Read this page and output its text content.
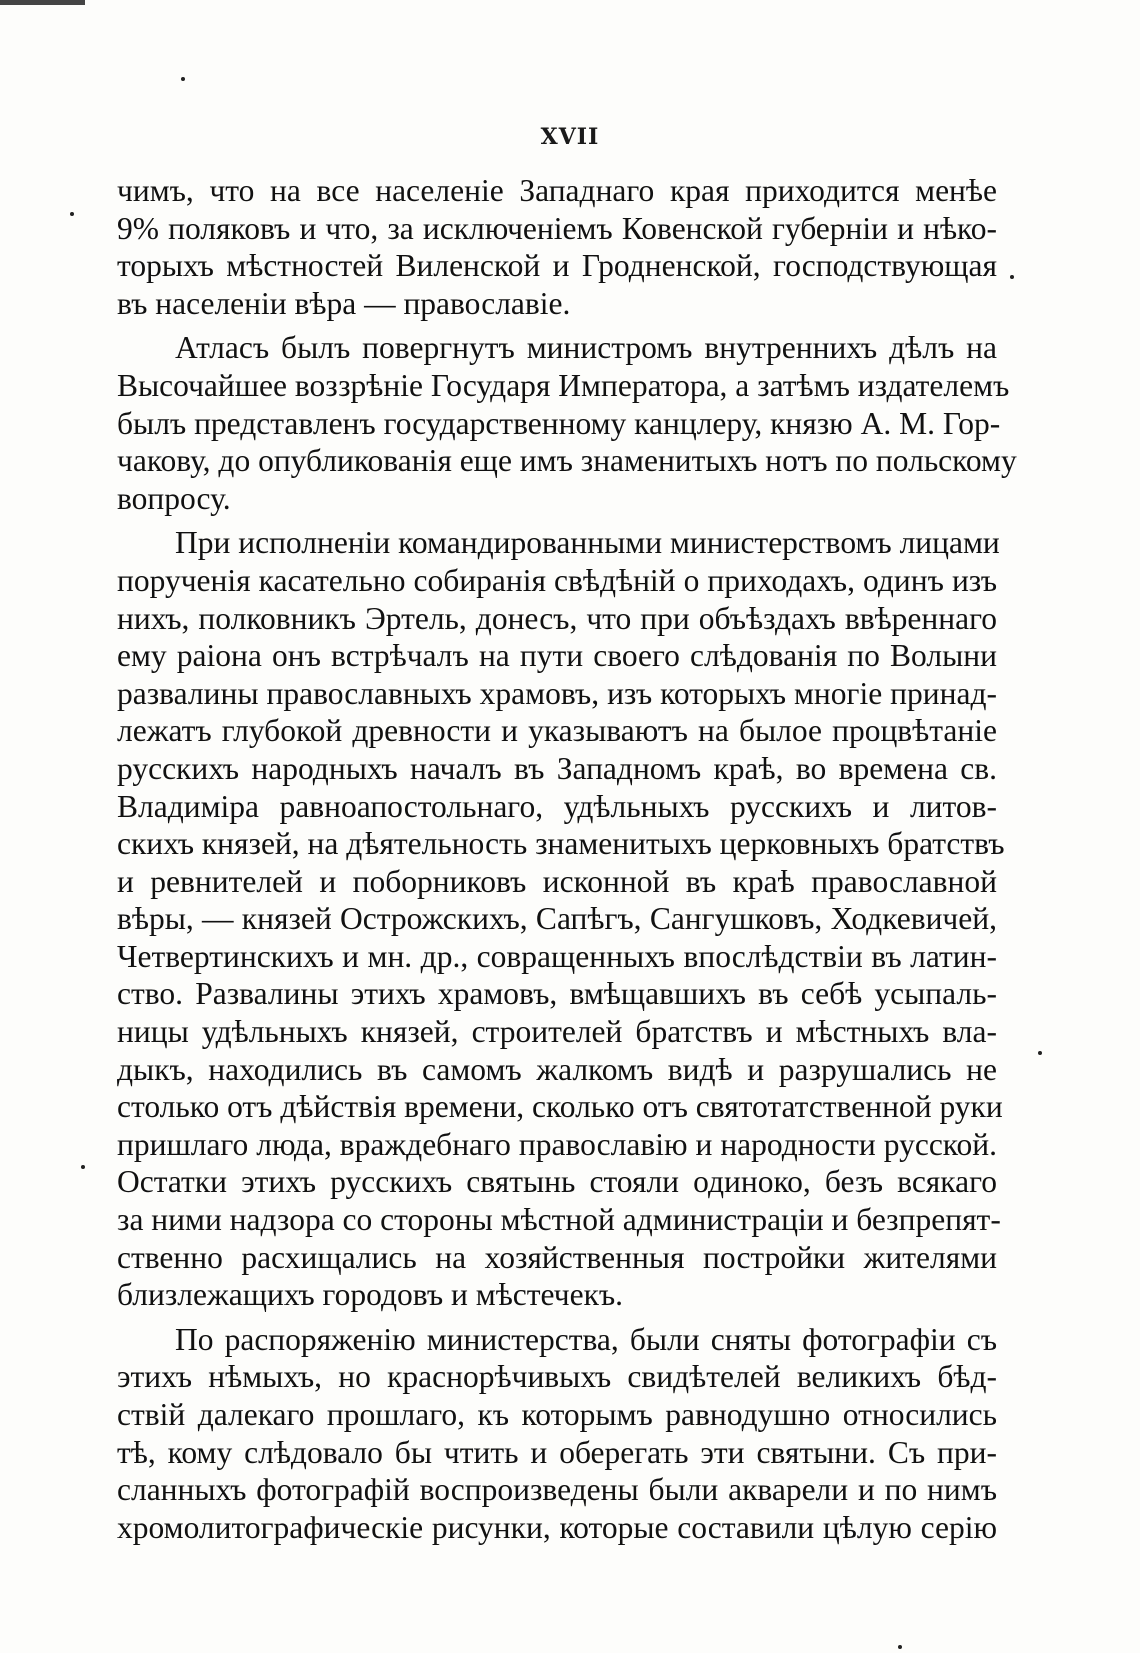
XVII
чимъ, что на все населеніе Западнаго края приходится менѣе
9% поляковъ и что, за исключеніемъ Ковенской губерніи и нѣко-
торыхъ мѣстностей Виленской и Гродненской, господствующая
въ населеніи вѣра — православіе.
Атласъ былъ повергнутъ министромъ внутреннихъ дѣлъ на
Высочайшее воззрѣніе Государя Императора, а затѣмъ издателемъ
былъ представленъ государственному канцлеру, князю А. М. Гор-
чакову, до опубликованія еще имъ знаменитыхъ нотъ по польскому
вопросу.
При исполненіи командированными министерствомъ лицами
порученія касательно собиранія свѣдѣній о приходахъ, одинъ изъ
нихъ, полковникъ Эртель, донесъ, что при объѣздахъ ввѣреннаго
ему раіона онъ встрѣчалъ на пути своего слѣдованія по Волыни
развалины православныхъ храмовъ, изъ которыхъ многіе принад-
лежатъ глубокой древности и указываютъ на былое процвѣтаніе
русскихъ народныхъ началъ въ Западномъ краѣ, во времена св.
Владиміра равноапостольнаго, удѣльныхъ русскихъ и литов-
скихъ князей, на дѣятельность знаменитыхъ церковныхъ братствъ
и ревнителей и поборниковъ исконной въ краѣ православной
вѣры, — князей Острожскихъ, Сапѣгъ, Сангушковъ, Ходкевичей,
Четвертинскихъ и мн. др., совращенныхъ впослѣдствіи въ латин-
ство. Развалины этихъ храмовъ, вмѣщавшихъ въ себѣ усыпаль-
ницы удѣльныхъ князей, строителей братствъ и мѣстныхъ вла-
дыкъ, находились въ самомъ жалкомъ видѣ и разрушались не
столько отъ дѣйствія времени, сколько отъ святотатственной руки
пришлаго люда, враждебнаго православію и народности русской.
Остатки этихъ русскихъ святынь стояли одиноко, безъ всякаго
за ними надзора со стороны мѣстной администраціи и безпрепят-
ственно расхищались на хозяйственныя постройки жителями
близлежащихъ городовъ и мѣстечекъ.
По распоряженію министерства, были сняты фотографіи съ
этихъ нѣмыхъ, но краснорѣчивыхъ свидѣтелей великихъ бѣд-
ствій далекаго прошлаго, къ которымъ равнодушно относились
тѣ, кому слѣдовало бы чтить и оберегать эти святыни. Съ при-
сланныхъ фотографій воспроизведены были акварели и по нимъ
хромолитографическіе рисунки, которые составили цѣлую серію
